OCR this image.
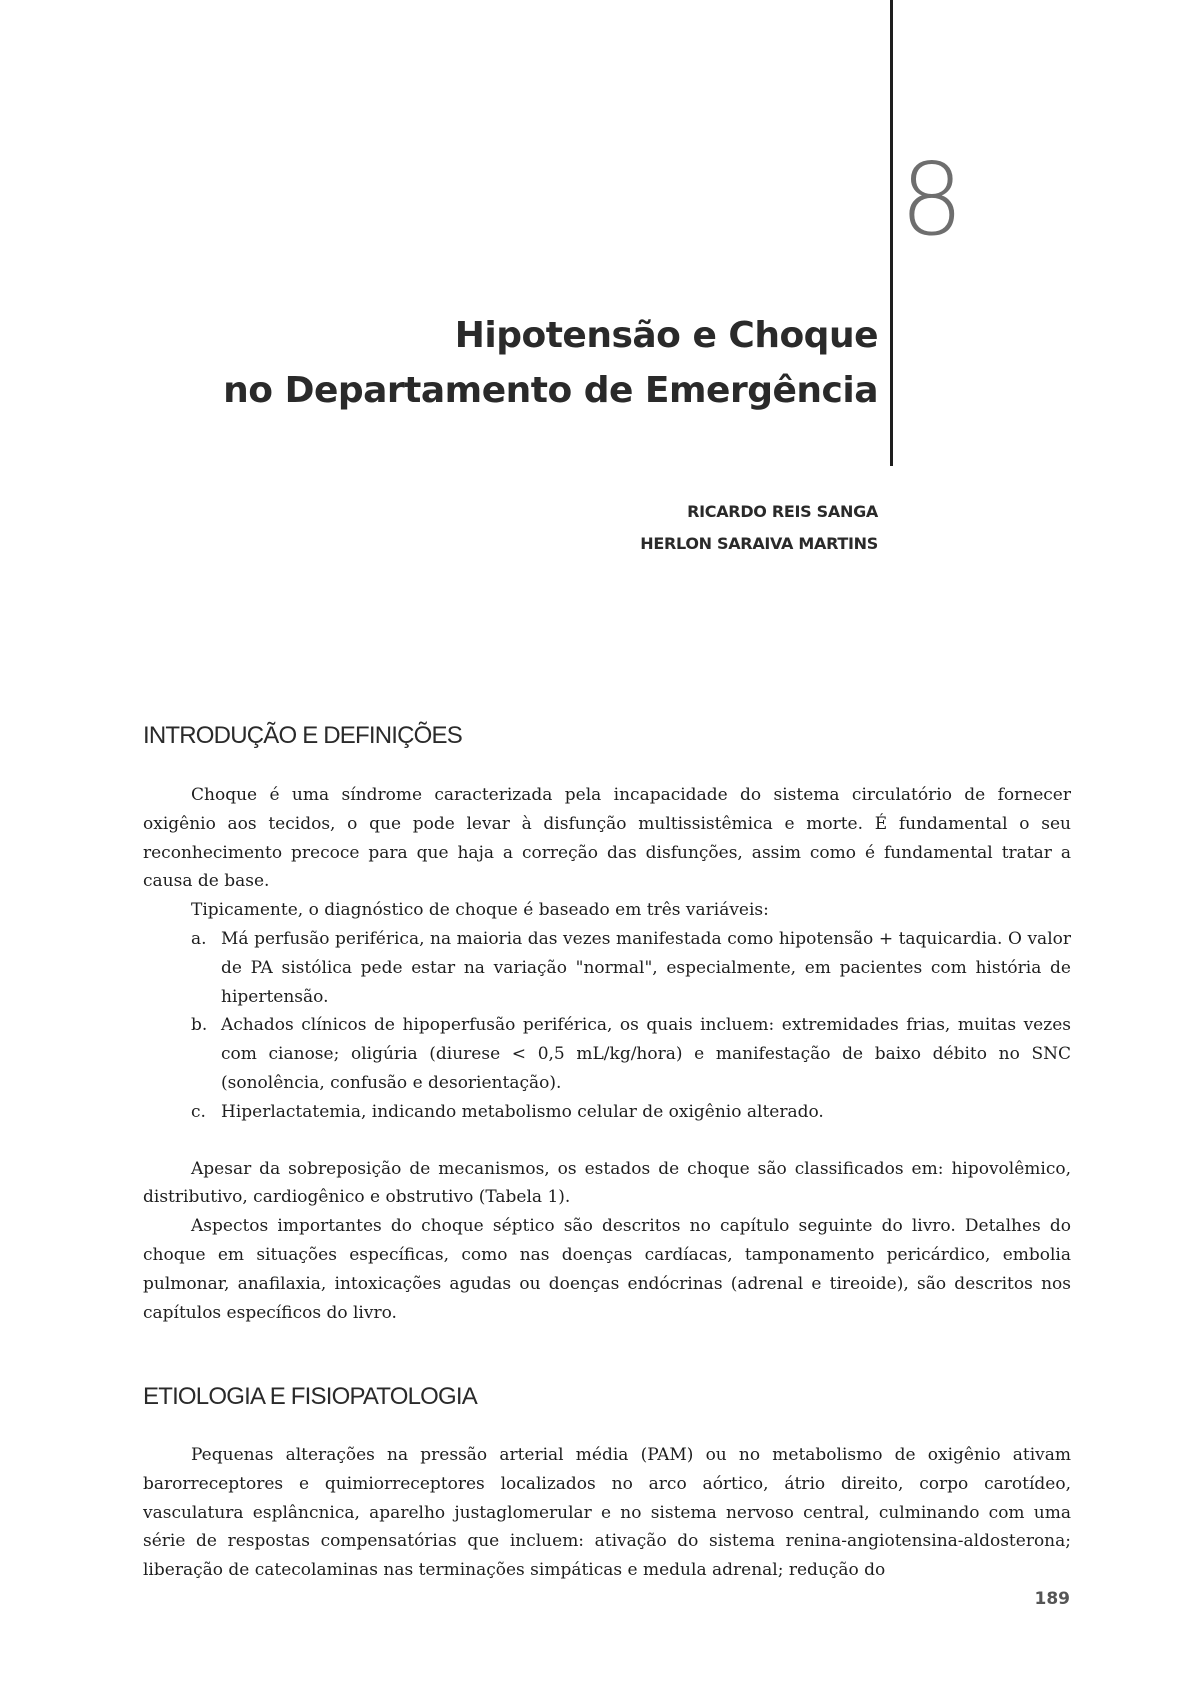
8
Hipotensão e Choque
no Departamento de Emergência
RICARDO REIS SANGA
HERLON SARAIVA MARTINS
INTRODUÇÃO E DEFINIÇÕES

Choque é uma síndrome caracterizada pela incapacidade do sistema circulatório de fornecer oxigênio aos tecidos, o que pode levar à disfunção multissistêmica e morte. É fundamental o seu reconhecimento precoce para que haja a correção das disfunções, assim como é fundamental tratar a causa de base.

Tipicamente, o diagnóstico de choque é baseado em três variáveis:

a. Má perfusão periférica, na maioria das vezes manifestada como hipotensão + taquicardia. O valor de PA sistólica pede estar na variação "normal", especialmente, em pacientes com história de hipertensão.
b. Achados clínicos de hipoperfusão periférica, os quais incluem: extremidades frias, muitas vezes com cianose; oligúria (diurese < 0,5 mL/kg/hora) e manifestação de baixo débito no SNC (sonolência, confusão e desorientação).
c. Hiperlactatemia, indicando metabolismo celular de oxigênio alterado.

Apesar da sobreposição de mecanismos, os estados de choque são classificados em: hipovolêmico, distributivo, cardiogênico e obstrutivo (Tabela 1).

Aspectos importantes do choque séptico são descritos no capítulo seguinte do livro. Detalhes do choque em situações específicas, como nas doenças cardíacas, tamponamento pericárdico, embolia pulmonar, anafilaxia, intoxicações agudas ou doenças endócrinas (adrenal e tireoide), são descritos nos capítulos específicos do livro.

ETIOLOGIA E FISIOPATOLOGIA

Pequenas alterações na pressão arterial média (PAM) ou no metabolismo de oxigênio ativam barorreceptores e quimiorreceptores localizados no arco aórtico, átrio direito, corpo carotídeo, vasculatura esplâncnica, aparelho justaglomerular e no sistema nervoso central, culminando com uma série de respostas compensatórias que incluem: ativação do sistema renina-angiotensina-aldosterona; liberação de catecolaminas nas terminações simpáticas e medula adrenal; redução do

189
